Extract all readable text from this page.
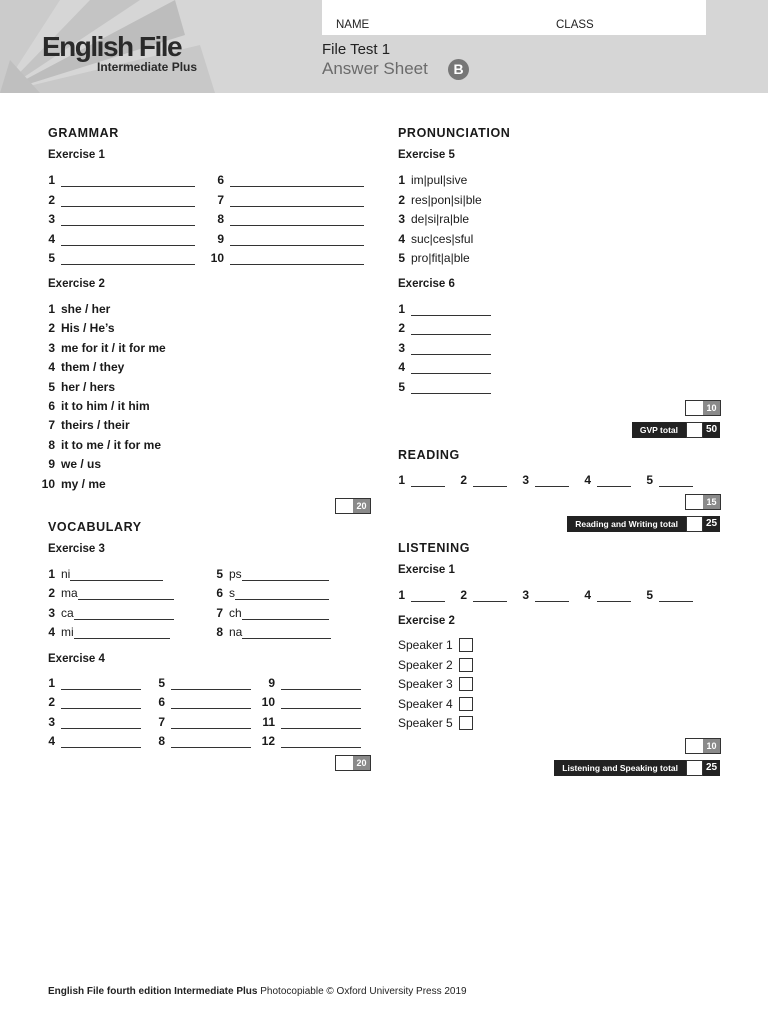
English File
Intermediate Plus
NAME	CLASS
File Test 1
Answer Sheet	B
GRAMMAR
Exercise 1
1
2
3
4
5
6
7
8
9
10
Exercise 2
1 she / her
2 His / He’s
3 me for it / it for me
4 them / they
5 her / hers
6 it to him / it him
7 theirs / their
8 it to me / it for me
9 we / us
10 my / me
20
VOCABULARY
Exercise 3
1 ni
2 ma
3 ca
4 mi
5 ps
6 s
7 ch
8 na
Exercise 4
1
2
3
4
5
6
7
8
9
10
11
12
20
PRONUNCIATION
Exercise 5
1 im|pul|sive
2 res|pon|si|ble
3 de|si|ra|ble
4 suc|ces|sful
5 pro|fit|a|ble
Exercise 6
1
2
3
4
5
10
GVP total	50
READING
1	2	3	4	5
15
Reading and Writing total	25
LISTENING
Exercise 1
1	2	3	4	5
Exercise 2
Speaker 1
Speaker 2
Speaker 3
Speaker 4
Speaker 5
10
Listening and Speaking total	25
English File fourth edition Intermediate Plus Photocopiable © Oxford University Press 2019
